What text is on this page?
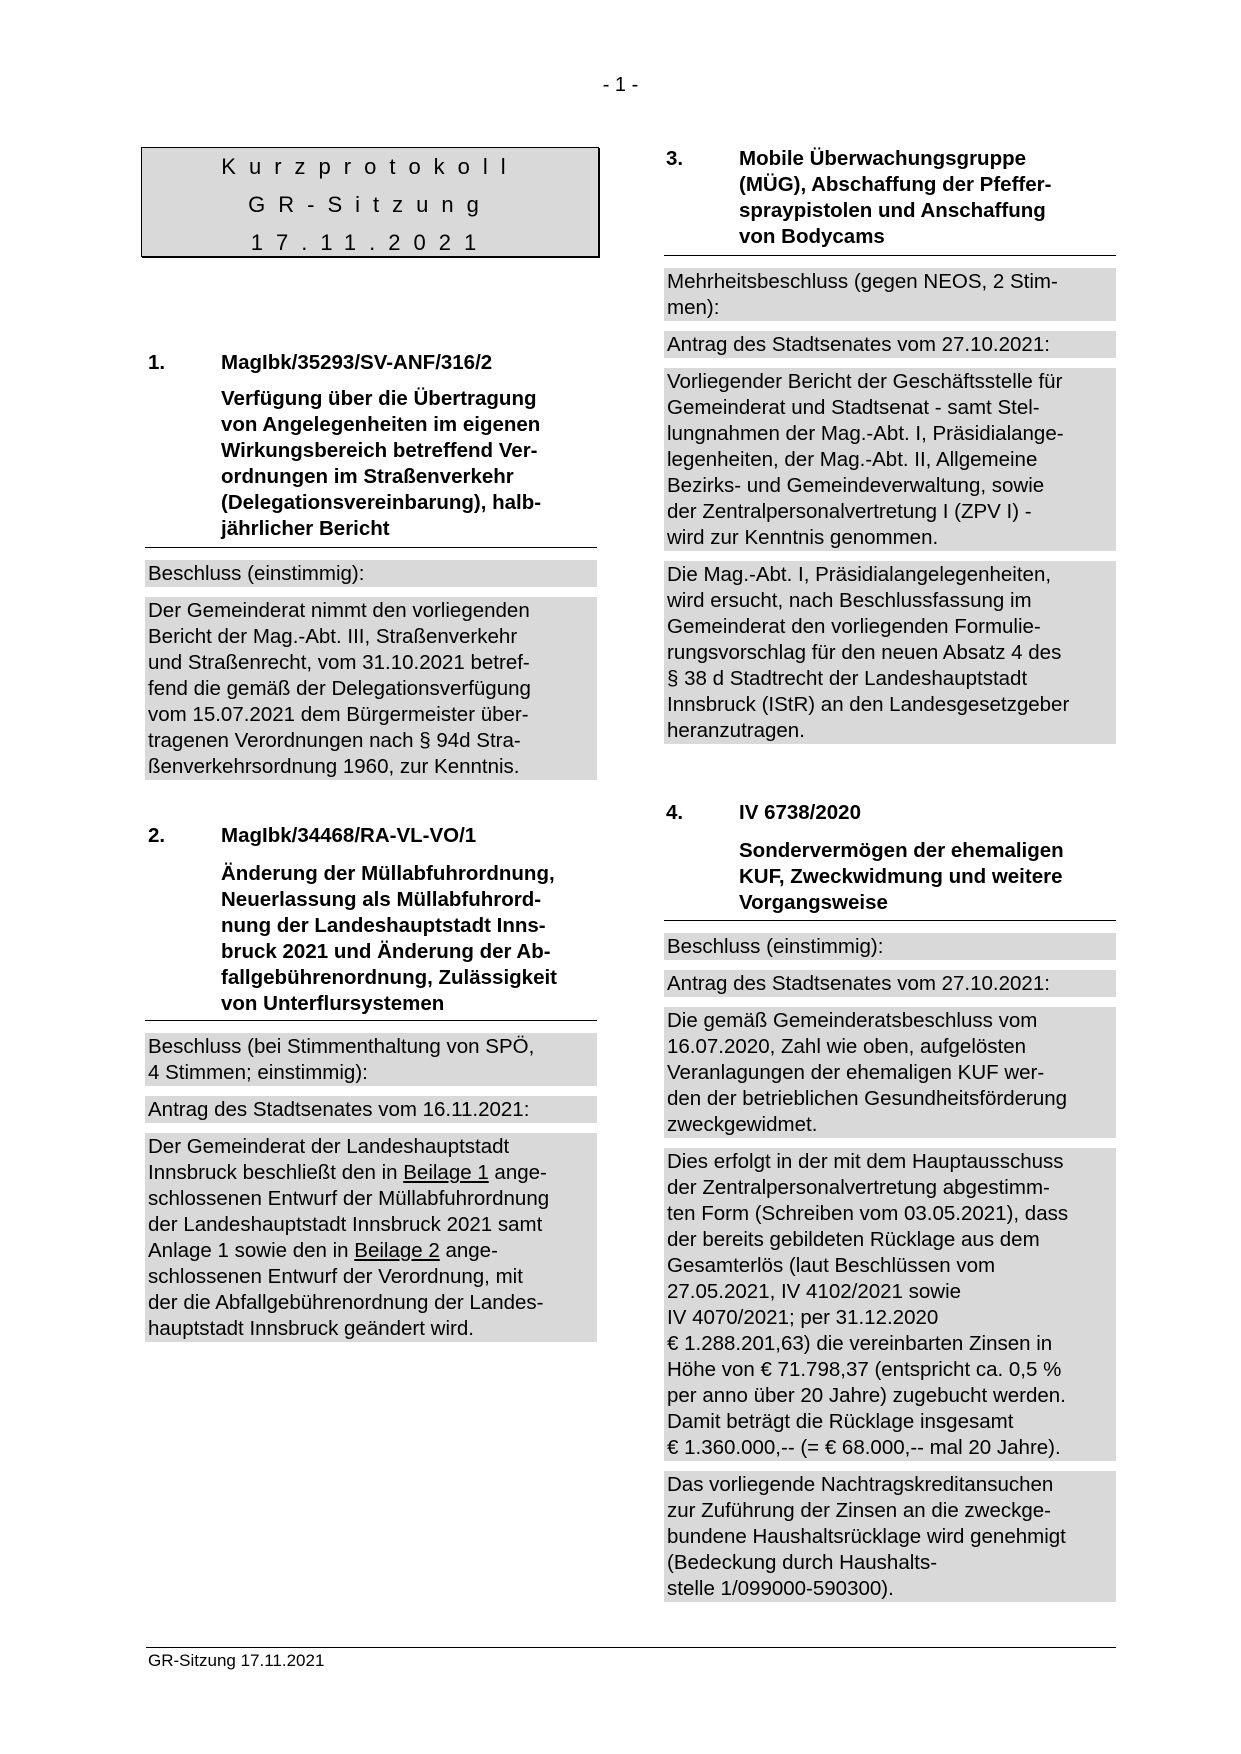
- 1 -
Kurzprotokoll
GR-Sitzung
17.11.2021
1.	MagIbk/35293/SV-ANF/316/2
Verfügung über die Übertragung
von Angelegenheiten im eigenen
Wirkungsbereich betreffend Ver-
ordnungen im Straßenverkehr
(Delegationsvereinbarung), halb-
jährlicher Bericht
Beschluss (einstimmig):
Der Gemeinderat nimmt den vorliegenden
Bericht der Mag.-Abt. III, Straßenverkehr
und Straßenrecht, vom 31.10.2021 betref-
fend die gemäß der Delegationsverfügung
vom 15.07.2021 dem Bürgermeister über-
tragenen Verordnungen nach § 94d Stra-
ßenverkehrsordnung 1960, zur Kenntnis.
2.	MagIbk/34468/RA-VL-VO/1
Änderung der Müllabfuhrordnung,
Neuerlassung als Müllabfuhrord-
nung der Landeshauptstadt Inns-
bruck 2021 und Änderung der Ab-
fallgebührenordnung, Zulässigkeit
von Unterflursystemen
Beschluss (bei Stimmenthaltung von SPÖ,
4 Stimmen; einstimmig):
Antrag des Stadtsenates vom 16.11.2021:
Der Gemeinderat der Landeshauptstadt
Innsbruck beschließt den in Beilage 1 ange-
schlossenen Entwurf der Müllabfuhrordnung
der Landeshauptstadt Innsbruck 2021 samt
Anlage 1 sowie den in Beilage 2 ange-
schlossenen Entwurf der Verordnung, mit
der die Abfallgebührenordnung der Landes-
hauptstadt Innsbruck geändert wird.
3.	Mobile Überwachungsgruppe
(MÜG), Abschaffung der Pfeffer-
spraypistolen und Anschaffung
von Bodycams
Mehrheitsbeschluss (gegen NEOS, 2 Stim-
men):
Antrag des Stadtsenates vom 27.10.2021:
Vorliegender Bericht der Geschäftsstelle für
Gemeinderat und Stadtsenat - samt Stel-
lungnahmen der Mag.-Abt. I, Präsidialange-
legenheiten, der Mag.-Abt. II, Allgemeine
Bezirks- und Gemeindeverwaltung, sowie
der Zentralpersonalvertretung I (ZPV I) -
wird zur Kenntnis genommen.
Die Mag.-Abt. I, Präsidialangelegenheiten,
wird ersucht, nach Beschlussfassung im
Gemeinderat den vorliegenden Formulie-
rungsvorschlag für den neuen Absatz 4 des
§ 38 d Stadtrecht der Landeshauptstadt
Innsbruck (IStR) an den Landesgesetzgeber
heranzutragen.
4.	IV 6738/2020
Sondervermögen der ehemaligen
KUF, Zweckwidmung und weitere
Vorgangsweise
Beschluss (einstimmig):
Antrag des Stadtsenates vom 27.10.2021:
Die gemäß Gemeinderatsbeschluss vom
16.07.2020, Zahl wie oben, aufgelösten
Veranlagungen der ehemaligen KUF wer-
den der betrieblichen Gesundheitsförderung
zweckgewidmet.
Dies erfolgt in der mit dem Hauptausschuss
der Zentralpersonalvertretung abgestimm-
ten Form (Schreiben vom 03.05.2021), dass
der bereits gebildeten Rücklage aus dem
Gesamterlös (laut Beschlüssen vom
27.05.2021, IV 4102/2021 sowie
IV 4070/2021; per 31.12.2020
€ 1.288.201,63) die vereinbarten Zinsen in
Höhe von € 71.798,37 (entspricht ca. 0,5 %
per anno über 20 Jahre) zugebucht werden.
Damit beträgt die Rücklage insgesamt
€ 1.360.000,-- (= € 68.000,-- mal 20 Jahre).
Das vorliegende Nachtragskreditansuchen
zur Zuführung der Zinsen an die zweckge-
bundene Haushaltsrücklage wird genehmigt
(Bedeckung durch Haushalts-
stelle 1/099000-590300).
GR-Sitzung 17.11.2021
